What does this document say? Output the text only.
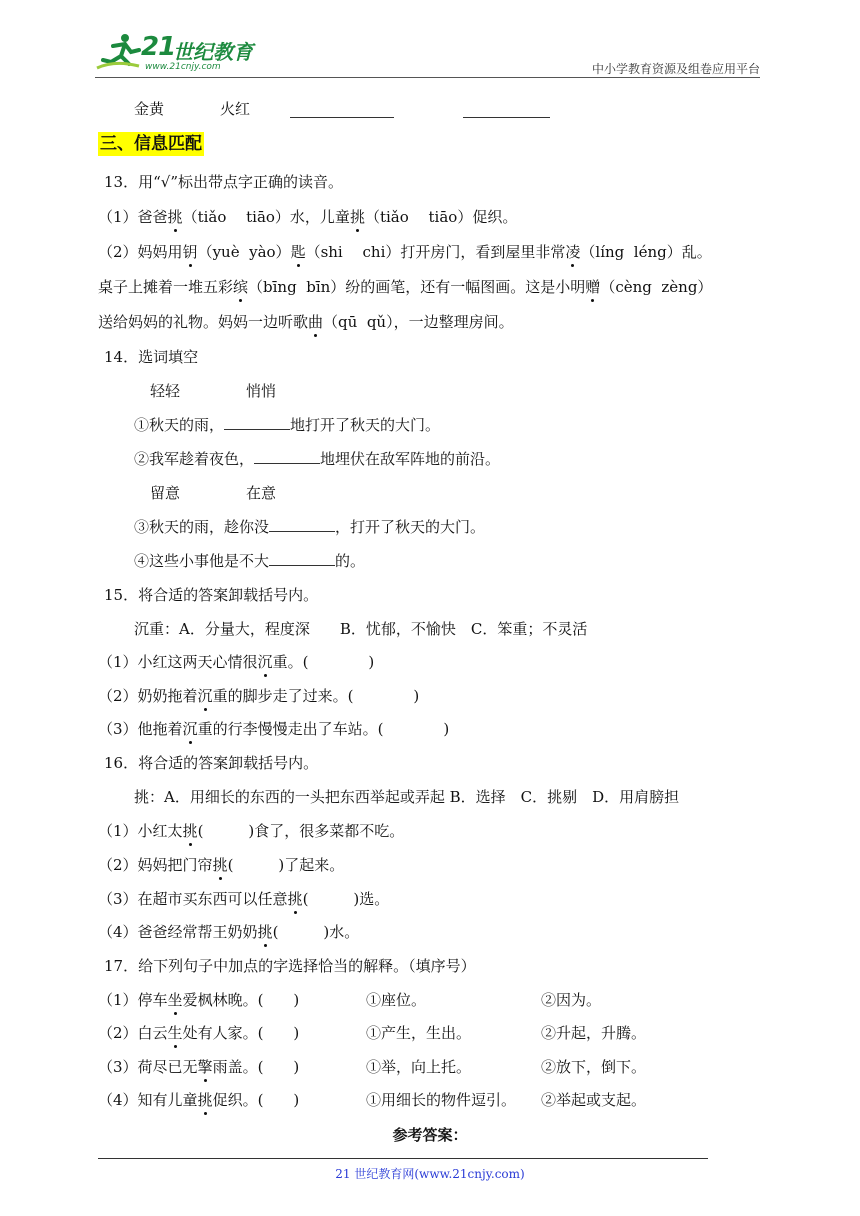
21
世纪教育
www.21cnjy.com	中小学教育资源及组卷应用平台
金黄	火红
三、信息匹配
13．用“√”标出带点字正确的读音。
（1）爸爸挑（tiǎo　 tiāo）水，儿童挑（tiǎo　 tiāo）促织。
（2）妈妈用钥（yuè  yào）匙（shi　 chi）打开房门，看到屋里非常凌（líng  léng）乱。
桌子上摊着一堆五彩缤（bīng  bīn）纷的画笔，还有一幅图画。这是小明赠（cèng  zèng）
送给妈妈的礼物。妈妈一边听歌曲（qū  qǔ），一边整理房间。
14．选词填空
轻轻	悄悄
①秋天的雨，	地打开了秋天的大门。
②我军趁着夜色，	地埋伏在敌军阵地的前沿。
留意	在意
③秋天的雨，趁你没	，打开了秋天的大门。
④这些小事他是不大	的。
15．将合适的答案卸载括号内。
沉重：A．分量大，程度深　　B．忧郁，不愉快　C．笨重；不灵活
（1）小红这两天心情很沉重。(　　　　)
（2）奶奶拖着沉重的脚步走了过来。(　　　　)
（3）他拖着沉重的行李慢慢走出了车站。(　　　　)
16．将合适的答案卸载括号内。
挑：A．用细长的东西的一头把东西举起或弄起 B．选择　C．挑剔　D．用肩膀担
（1）小红太挑(　　　)食了，很多菜都不吃。
（2）妈妈把门帘挑(　　　)了起来。
（3）在超市买东西可以任意挑(　　　)选。
（4）爸爸经常帮王奶奶挑(　　　)水。
17．给下列句子中加点的字选择恰当的解释。（填序号）
（1）停车坐爱枫林晚。(　　)	①座位。	②因为。
（2）白云生处有人家。(　　)	①产生，生出。	②升起，升腾。
（3）荷尽已无擎雨盖。(　　)	①举，向上托。	②放下，倒下。
（4）知有儿童挑促织。(　　)	①用细长的物件逗引。 ②举起或支起。
参考答案：
21 世纪教育网(www.21cnjy.com)
